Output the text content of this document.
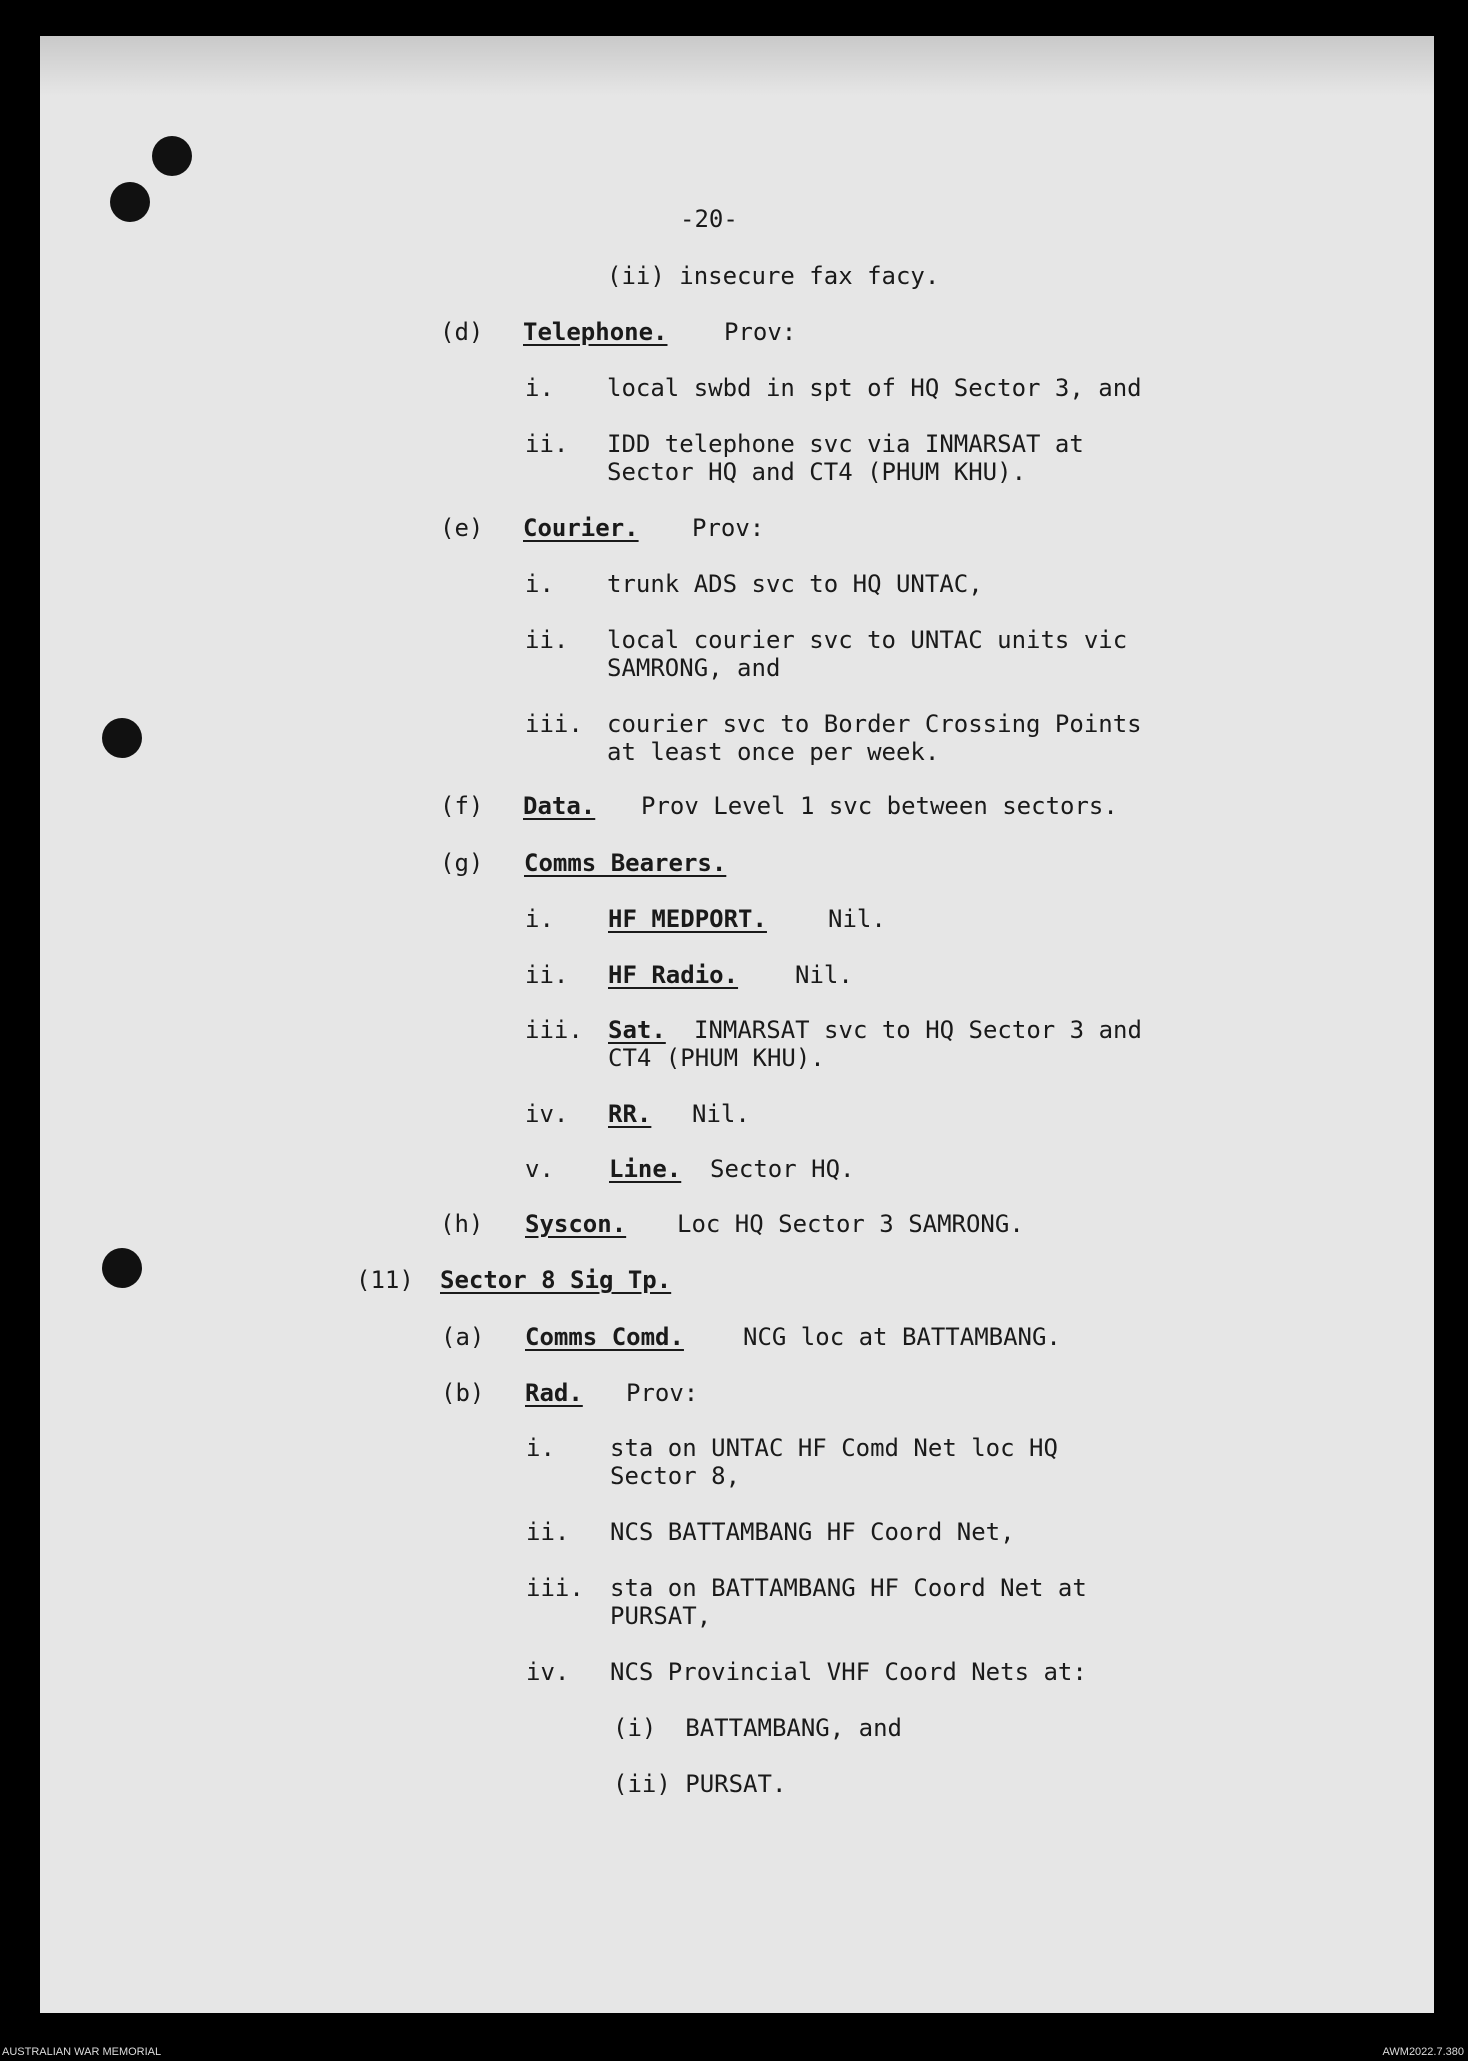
-20-
(ii) insecure fax facy.
(d) Telephone. Prov:
i. local swbd in spt of HQ Sector 3, and
ii. IDD telephone svc via INMARSAT at
Sector HQ and CT4 (PHUM KHU).
(e) Courier. Prov:
i. trunk ADS svc to HQ UNTAC,
ii. local courier svc to UNTAC units vic
SAMRONG, and
iii. courier svc to Border Crossing Points
at least once per week.
(f) Data. Prov Level 1 svc between sectors.
(g) Comms Bearers.
i. HF MEDPORT.	Nil.
ii. HF Radio. Nil.
iii. Sat. INMARSAT svc to HQ Sector 3 and
CT4 (PHUM KHU).
iv. RR. Nil.
v. Line. Sector HQ.
(h) Syscon. Loc HQ Sector 3 SAMRONG.
(11) Sector 8 Sig Tp.
(a) Comms Comd. NCG loc at BATTAMBANG.
(b) Rad. Prov:
i. sta on UNTAC HF Comd Net loc HQ
Sector 8,
ii. NCS BATTAMBANG HF Coord Net,
iii. sta on BATTAMBANG HF Coord Net at
PURSAT,
iv. NCS Provincial VHF Coord Nets at:
(i)  BATTAMBANG, and
(ii) PURSAT.
AUSTRALIAN WAR MEMORIAL	AWM2022.7.380
